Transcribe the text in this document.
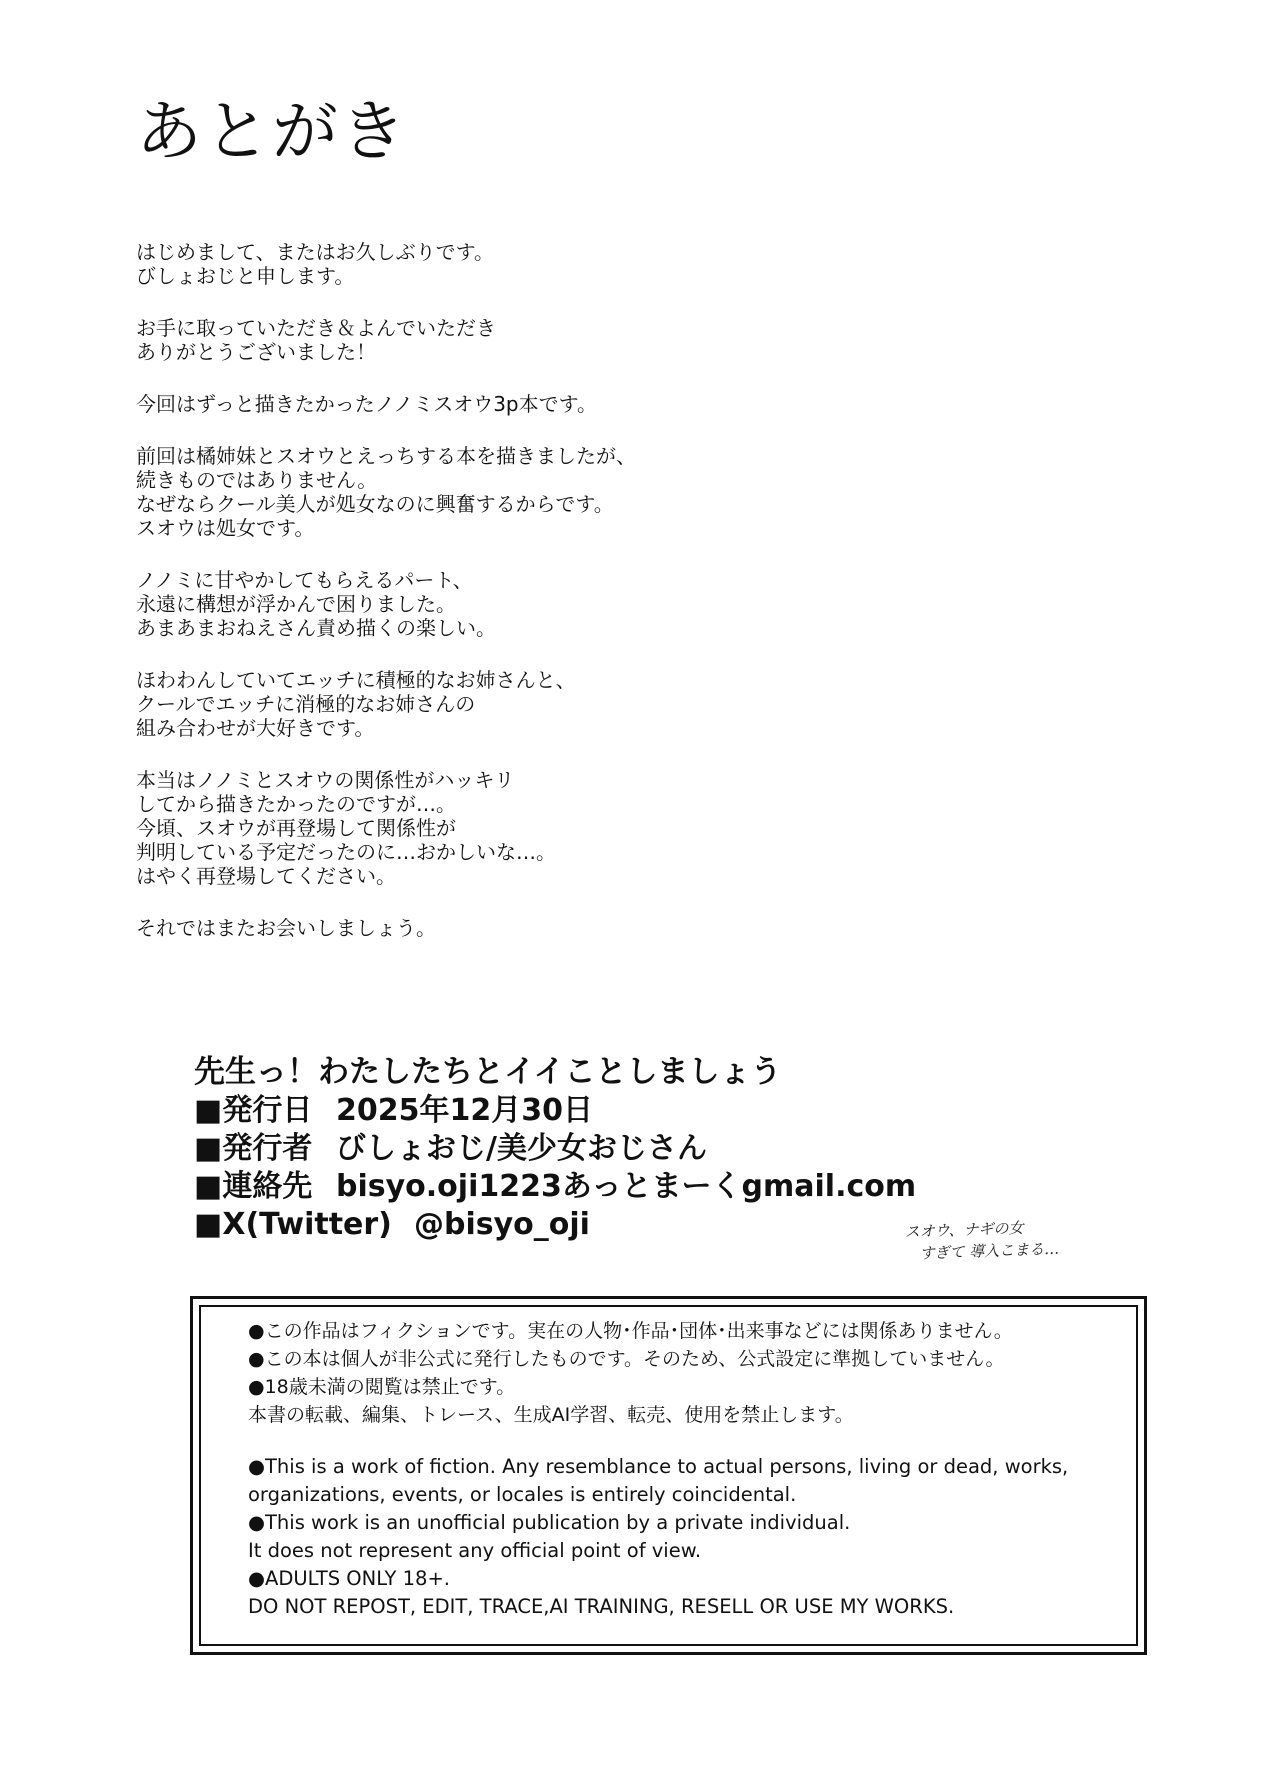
あとがき
はじめまして、またはお久しぶりです。
びしょおじと申します。
お手に取っていただき＆よんでいただき
ありがとうございました！
今回はずっと描きたかったノノミスオウ3p本です。
前回は橘姉妹とスオウとえっちする本を描きましたが、
続きものではありません。
なぜならクール美人が処女なのに興奮するからです。
スオウは処女です。
ノノミに甘やかしてもらえるパート、
永遠に構想が浮かんで困りました。
あまあまおねえさん責め描くの楽しい。
ほわわんしていてエッチに積極的なお姉さんと、
クールでエッチに消極的なお姉さんの
組み合わせが大好きです。
本当はノノミとスオウの関係性がハッキリ
してから描きたかったのですが…。
今頃、スオウが再登場して関係性が
判明している予定だったのに…おかしいな…。
はやく再登場してください。
それではまたお会いしましょう。
先生っ！わたしたちとイイことしましょう
■発行日 2025年12月30日
■発行者 びしょおじ/美少女おじさん
■連絡先 bisyo.oji1223あっとまーくgmail.com
■X(Twitter) @bisyo_oji	スオウ、ナギの女
すぎて 導入こまる…
●この作品はフィクションです。実在の人物･作品･団体･出来事などには関係ありません。
●この本は個人が非公式に発行したものです。そのため、公式設定に準拠していません。
●18歳未満の閲覧は禁止です。
本書の転載、編集、トレース、生成AI学習、転売、使用を禁止します。
●This is a work of fiction. Any resemblance to actual persons, living or dead, works,
organizations, events, or locales is entirely coincidental.
●This work is an unofficial publication by a private individual.
It does not represent any official point of view.
●ADULTS ONLY 18+.
DO NOT REPOST, EDIT, TRACE,AI TRAINING, RESELL OR USE MY WORKS.
